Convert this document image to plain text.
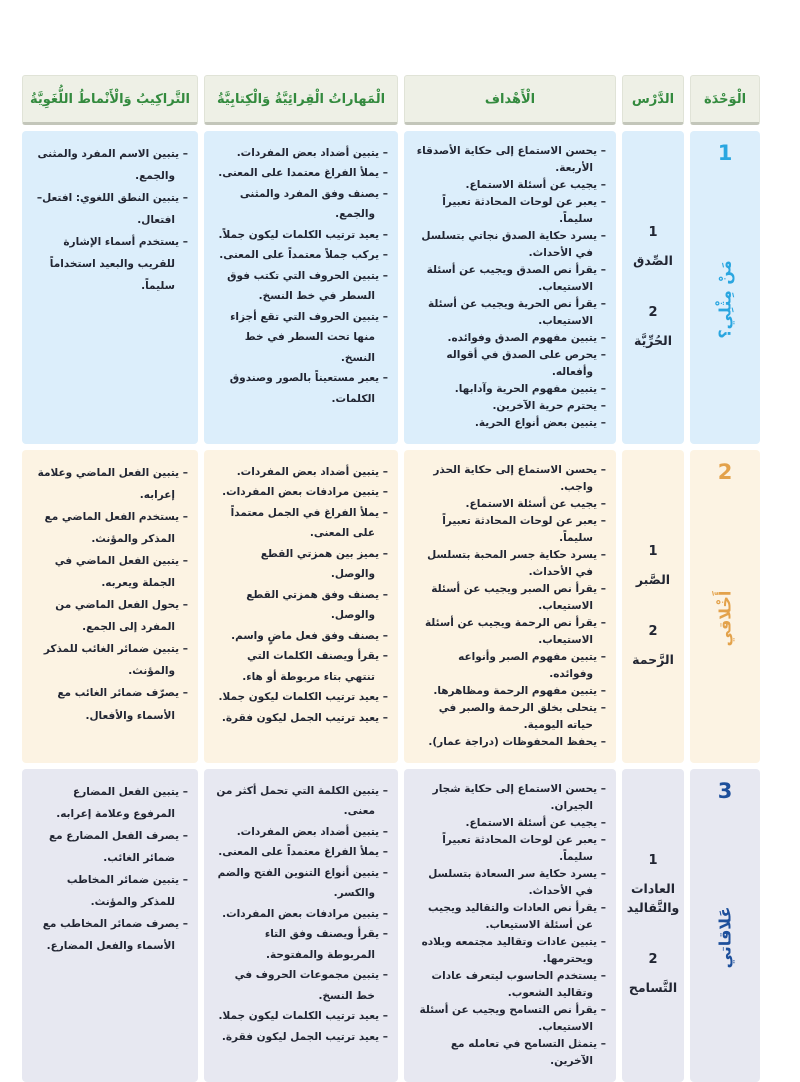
الْوَحْدَة
الدَّرْس
الْأَهْداف
الْمَهاراتُ الْقِرائِيَّةُ وَالْكِتابِيَّةُ
التَّراكِيبُ وَالْأَنْماطُ اللُّغَوِيَّةُ
1
مَنْ مِثْلِي؟
1
الصِّدق
2
الحُرِّيَّة
– يحسن الاستماع إلى حكاية الأصدقاء الأربعة.
– يجيب عن أسئلة الاستماع.
– يعبر عن لوحات المحادثة تعبيراً سليماً.
– يسرد حكاية الصدق نجاتي بتسلسل في الأحداث.
– يقرأ نص الصدق ويجيب عن أسئلة الاستيعاب.
– يقرأ نص الحرية ويجيب عن أسئلة الاستيعاب.
– يتبين مفهوم الصدق وفوائده.
– يحرص على الصدق في أقواله وأفعاله.
– يتبين مفهوم الحرية وآدابها.
– يحترم حرية الآخرين.
– يتبين بعض أنواع الحرية.
– يتبين أضداد بعض المفردات.
– يملأ الفراغ معتمدا على المعنى.
– يصنف وفق المفرد والمثنى والجمع.
– يعيد ترتيب الكلمات ليكون جملاً.
– يركب جملاً معتمداً على المعنى.
– يتبين الحروف التي تكتب فوق السطر في خط النسخ.
– يتبين الحروف التي تقع أجزاء منها تحت السطر في خط النسخ.
– يعبر مستعيناً بالصور وصندوق الكلمات.
– يتبين الاسم المفرد والمثنى والجمع.
– يتبين النطق اللغوي: افتعل– افتعال.
– يستخدم أسماء الإشارة للقريب والبعيد استخداماً سليماً.
2
أَخْلاقي
1
الصَّبر
2
الرَّحمة
– يحسن الاستماع إلى حكاية الحذر واجب.
– يجيب عن أسئلة الاستماع.
– يعبر عن لوحات المحادثة تعبيراً سليماً.
– يسرد حكاية جسر المحبة بتسلسل في الأحداث.
– يقرأ نص الصبر ويجيب عن أسئلة الاستيعاب.
– يقرأ نص الرحمة ويجيب عن أسئلة الاستيعاب.
– يتبين مفهوم الصبر وأنواعه وفوائده.
– يتبين مفهوم الرحمة ومظاهرها.
– يتحلى بخلق الرحمة والصبر في حياته اليومية.
– يحفظ المحفوظات (دراجة عمار).
– يتبين أضداد بعض المفردات.
– يتبين مرادفات بعض المفردات.
– يملأ الفراغ في الجمل معتمداً على المعنى.
– يميز بين همزتي القطع والوصل.
– يصنف وفق همزتي القطع والوصل.
– يصنف وفق فعل ماضٍ واسم.
– يقرأ ويصنف الكلمات التي تنتهي بتاء مربوطة أو هاء.
– يعيد ترتيب الكلمات ليكون جملا.
– يعيد ترتيب الجمل ليكون فقرة.
– يتبين الفعل الماضي وعلامة إعرابه.
– يستخدم الفعل الماضي مع المذكر والمؤنث.
– يتبين الفعل الماضي في الجملة ويعربه.
– يحول الفعل الماضي من المفرد إلى الجمع.
– يتبين ضمائر الغائب للمذكر والمؤنث.
– يصرّف ضمائر الغائب مع الأسماء والأفعال.
3
عَلاقاتي
1
العادات والتَّقاليد
2
التَّسامح
– يحسن الاستماع إلى حكاية شجار الجيران.
– يجيب عن أسئلة الاستماع.
– يعبر عن لوحات المحادثة تعبيراً سليماً.
– يسرد حكاية سر السعادة بتسلسل في الأحداث.
– يقرأ نص العادات والتقاليد ويجيب عن أسئلة الاستيعاب.
– يتبين عادات وتقاليد مجتمعه وبلاده ويحترمها.
– يستخدم الحاسوب ليتعرف عادات وتقاليد الشعوب.
– يقرأ نص التسامح ويجيب عن أسئلة الاستيعاب.
– يتمثل التسامح في تعامله مع الآخرين.
– يتبين الكلمة التي تحمل أكثر من معنى.
– يتبين أضداد بعض المفردات.
– يملأ الفراغ معتمداً على المعنى.
– يتبين أنواع التنوين الفتح والضم والكسر.
– يتبين مرادفات بعض المفردات.
– يقرأ ويصنف وفق التاء المربوطة والمفتوحة.
– يتبين مجموعات الحروف في خط النسخ.
– يعيد ترتيب الكلمات ليكون جملا.
– يعيد ترتيب الجمل ليكون فقرة.
– يتبين الفعل المضارع المرفوع وعلامة إعرابه.
– يصرف الفعل المضارع مع ضمائر الغائب.
– يتبين ضمائر المخاطب للمذكر والمؤنث.
– يصرف ضمائر المخاطب مع الأسماء والفعل المضارع.
